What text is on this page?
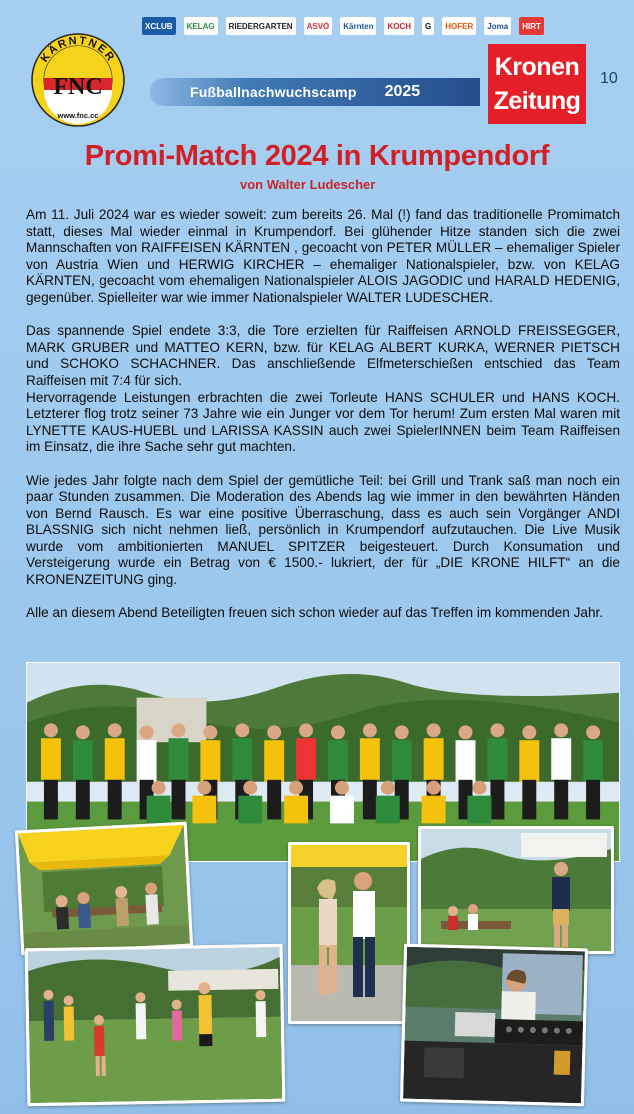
KÄRNTNER
FNC
www.fnc.cc
XCLUB	KELAG	RIEDERGARTEN	ASVÖ	Kärnten	KOCH	G	HOFER	Joma	HIRT
Fußballnachwuchscamp 2025
Kronen
Zeitung
10
Promi-Match 2024 in Krumpendorf
von Walter Ludescher

Am 11. Juli 2024 war es wieder soweit: zum bereits 26. Mal (!) fand das traditionelle Promimatch statt, dieses Mal wieder einmal in Krumpendorf. Bei glühender Hitze standen sich die zwei Mannschaften von RAIFFEISEN KÄRNTEN , gecoacht von PETER MÜLLER – ehemaliger Spieler von Austria Wien und HERWIG KIRCHER – ehemaliger Nationalspieler, bzw. von KELAG KÄRNTEN, gecoacht vom ehemaligen Nationalspieler ALOIS JAGODIC und HARALD HEDENIG, gegenüber. Spielleiter war wie immer Nationalspieler WALTER LUDESCHER.

Das spannende Spiel endete 3:3, die Tore erzielten für Raiffeisen ARNOLD FREISSEGGER, MARK GRUBER und MATTEO KERN, bzw. für KELAG ALBERT KURKA, WERNER PIETSCH und SCHOKO SCHACHNER. Das anschließende Elfmeterschießen entschied das Team Raiffeisen mit 7:4 für sich.

Hervorragende Leistungen erbrachten die zwei Torleute HANS SCHULER und HANS KOCH. Letzterer flog trotz seiner 73 Jahre wie ein Junger vor dem Tor herum! Zum ersten Mal waren mit LYNETTE KAUS-HUEBL und LARISSA KASSIN auch zwei SpielerINNEN beim Team Raiffeisen im Einsatz, die ihre Sache sehr gut machten.

Wie jedes Jahr folgte nach dem Spiel der gemütliche Teil: bei Grill und Trank saß man noch ein paar Stunden zusammen. Die Moderation des Abends lag wie immer in den bewährten Händen von Bernd Rausch. Es war eine positive Überraschung, dass es auch sein Vorgänger ANDI BLASSNIG sich nicht nehmen ließ, persönlich in Krumpendorf aufzutauchen. Die Live Musik wurde vom ambitionierten MANUEL SPITZER beigesteuert. Durch Konsumation und Versteigerung wurde ein Betrag von € 1500.- lukriert, der für „DIE KRONE HILFT“ an die KRONENZEITUNG ging.

Alle an diesem Abend Beteiligten freuen sich schon wieder auf das Treffen im kommenden Jahr.
